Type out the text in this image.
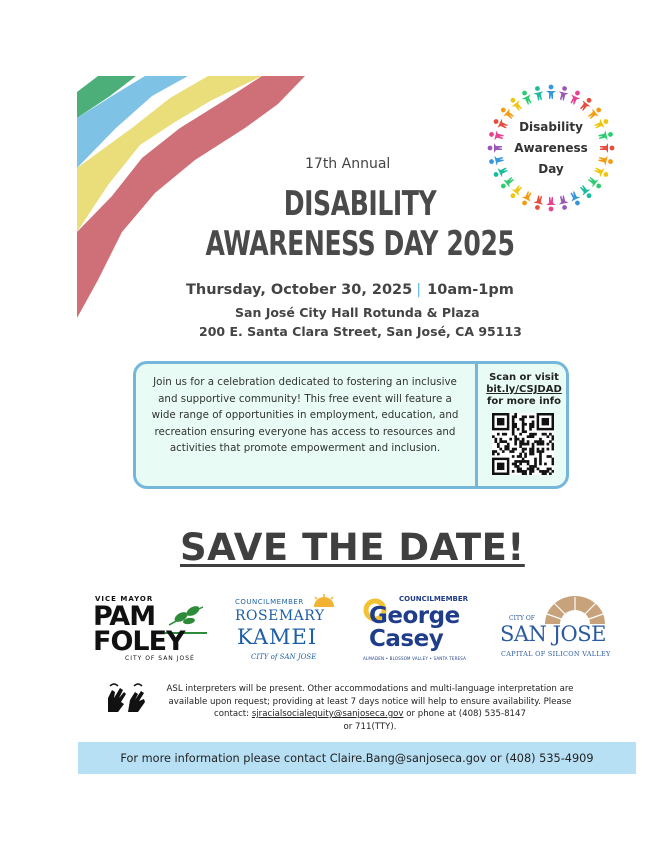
Disability
Awareness
Day
17th Annual
DISABILITY
AWARENESS DAY 2025
Thursday, October 30, 2025 | 10am-1pm
San José City Hall Rotunda & Plaza
200 E. Santa Clara Street, San José, CA 95113
Join us for a celebration dedicated to fostering an inclusive and supportive community! This free event will feature a wide range of opportunities in employment, education, and recreation ensuring everyone has access to resources and activities that promote empowerment and inclusion.
Scan or visit
bit.ly/CSJDAD
for more info
SAVE THE DATE!
VICE MAYOR
PAM
FOLEY
CITY OF SAN JOSÉ
COUNCILMEMBER
ROSEMARY
KAMEI
CITY of SAN JOSE
COUNCILMEMBER
George
Casey
ALMADEN • BLOSSOM VALLEY • SANTA TERESA
CITY OF
SAN JOSE
CAPITAL OF SILICON VALLEY
ASL interpreters will be present. Other accommodations and multi-language interpretation are
available upon request; providing at least 7 days notice will help to ensure availability. Please
contact: sjracialsocialequity@sanjoseca.gov or phone at (408) 535-8147
or 711(TTY).
For more information please contact Claire.Bang@sanjoseca.gov or (408) 535-4909
